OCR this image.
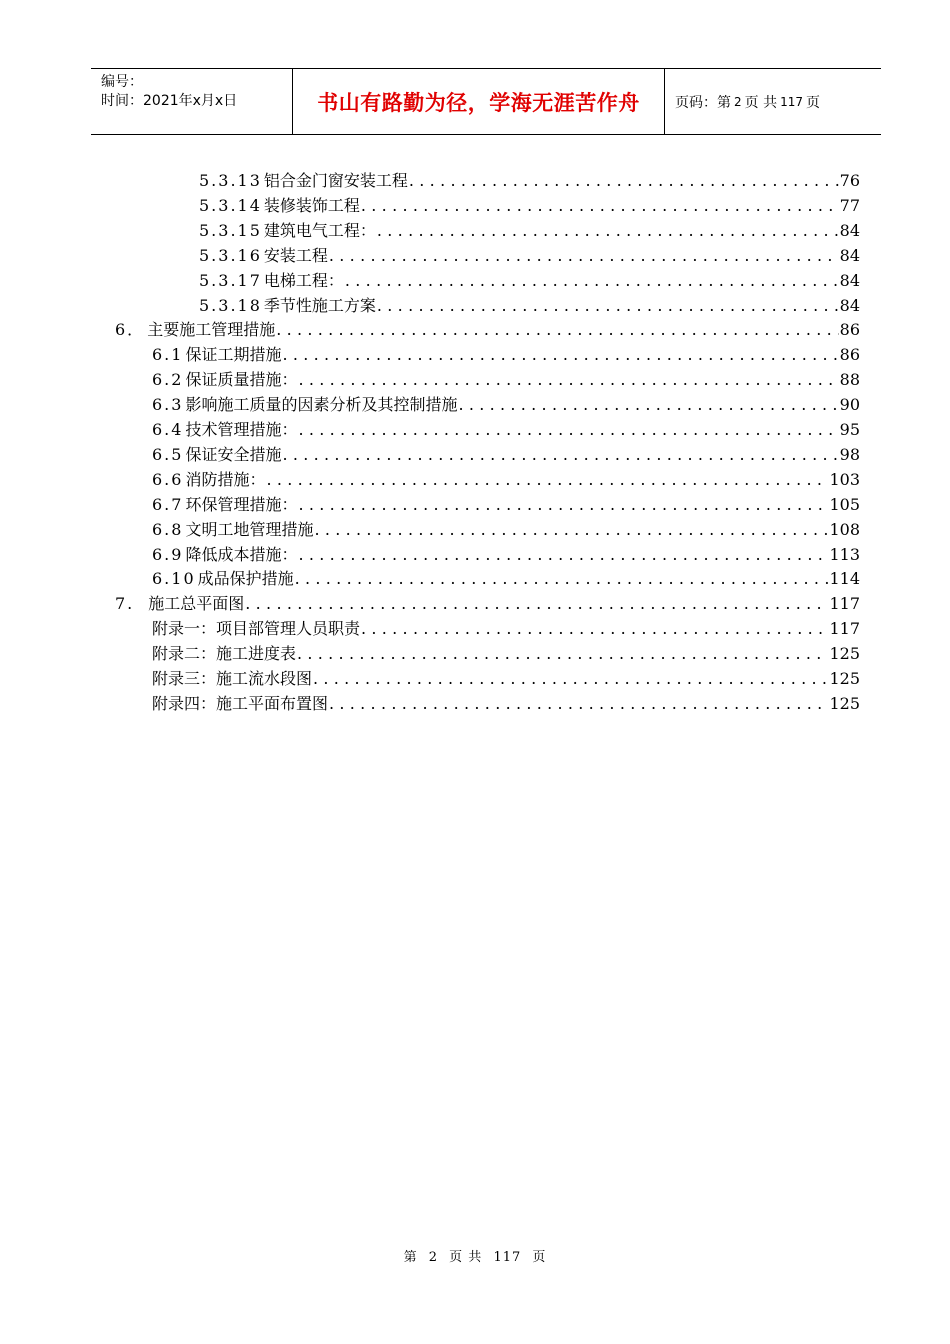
编号：
时间：2021年x月x日	书山有路勤为径，学海无涯苦作舟	页码：第 2 页 共 117 页
5.3.13 铝合金门窗安装工程 .....	76
5.3.14 装修装饰工程 .....	77
5.3.15 建筑电气工程： .....	84
5.3.16 安装工程 .....	84
5.3.17 电梯工程： .....	84
5.3.18 季节性施工方案 .....	84
6． 主要施工管理措施 .....	86
6.1 保证工期措施 .....	86
6.2 保证质量措施： .....	88
6.3 影响施工质量的因素分析及其控制措施 .....	90
6.4 技术管理措施： .....	95
6.5 保证安全措施 .....	98
6.6 消防措施： .....	103
6.7 环保管理措施： .....	105
6.8 文明工地管理措施 .....	108
6.9 降低成本措施： .....	113
6.10 成品保护措施 .....	114
7. 施工总平面图 .....	117
附录一：项目部管理人员职责 .....	117
附录二：施工进度表 .....	125
附录三：施工流水段图 .....	125
附录四：施工平面布置图 .....	125
第 2 页 共 117 页
